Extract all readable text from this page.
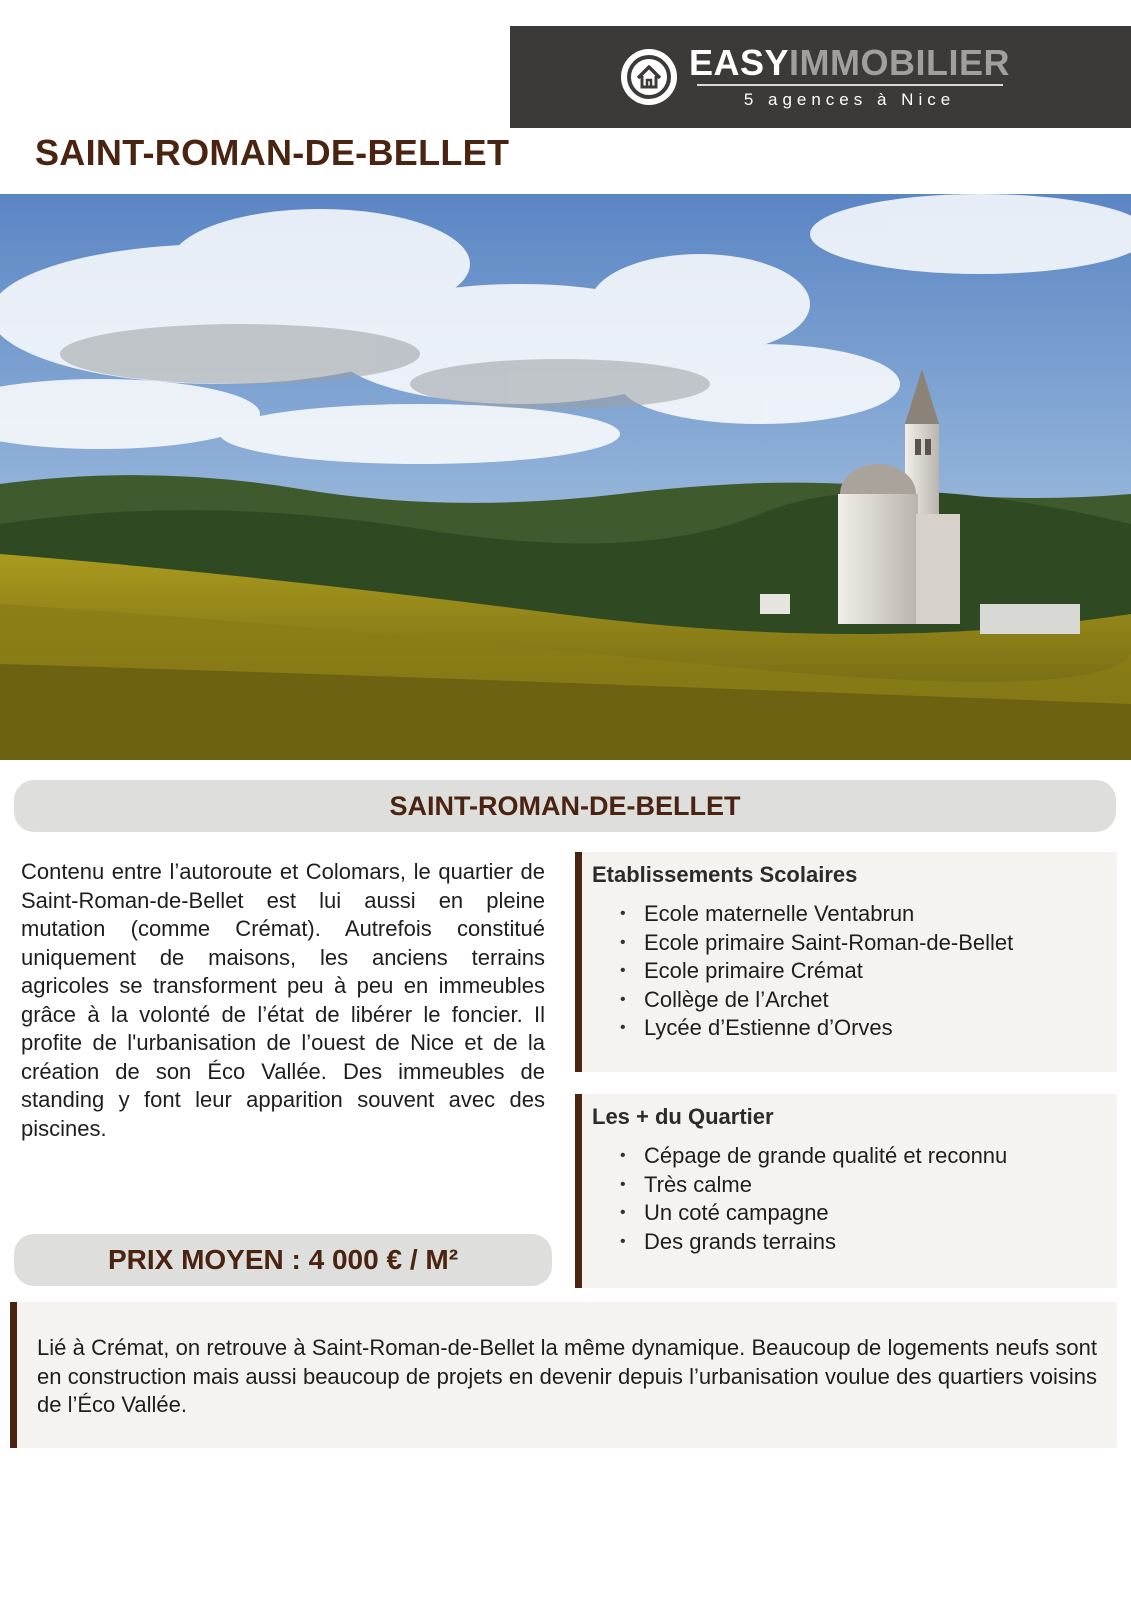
EASYIMMOBILIER
5 agences à Nice
SAINT-ROMAN-DE-BELLET
SAINT-ROMAN-DE-BELLET

Contenu entre l’autoroute et Colomars, le quartier de Saint-Roman-de-Bellet est lui aussi en pleine mutation (comme Crémat). Autrefois constitué uniquement de maisons, les anciens terrains agricoles se transforment peu à peu en immeubles grâce à la volonté de l’état de libérer le foncier. Il profite de l'urbanisation de l’ouest de Nice et de la création de son Éco Vallée. Des immeubles de standing y font leur apparition souvent avec des piscines.

PRIX MOYEN : 4 000 € / M²
Etablissements Scolaires
• Ecole maternelle Ventabrun
• Ecole primaire Saint-Roman-de-Bellet
• Ecole primaire Crémat
• Collège de l’Archet
• Lycée d’Estienne d’Orves
Les + du Quartier
• Cépage de grande qualité et reconnu
• Très calme
• Un coté campagne
• Des grands terrains

Lié à Crémat, on retrouve à Saint-Roman-de-Bellet la même dynamique. Beaucoup de logements neufs sont en construction mais aussi beaucoup de projets en devenir depuis l’urbanisation voulue des quartiers voisins de l’Éco Vallée.
